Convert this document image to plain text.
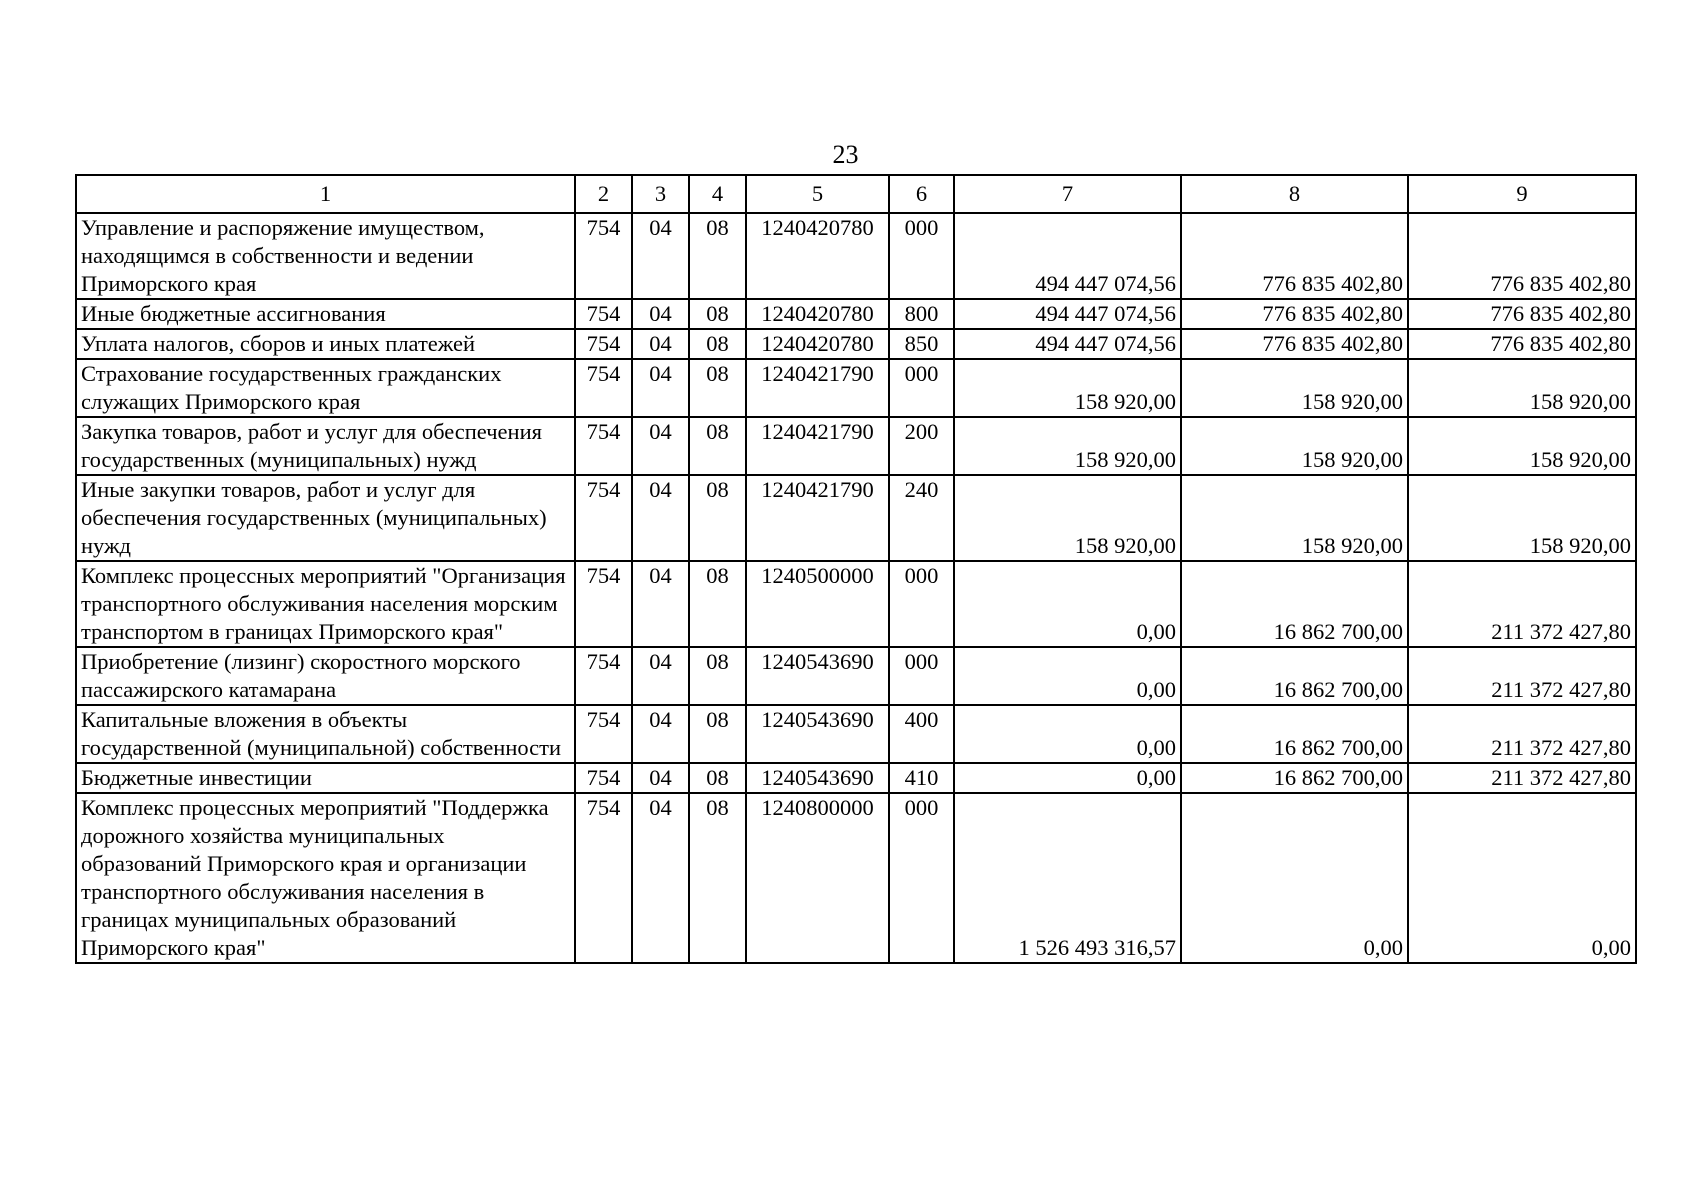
23
1	2	3	4	5	6	7	8	9
Управление и распоряжение имуществом, находящимся в собственности и ведении Приморского края	754	04	08	1240420780	000	494 447 074,56	776 835 402,80	776 835 402,80
Иные бюджетные ассигнования	754	04	08	1240420780	800	494 447 074,56	776 835 402,80	776 835 402,80
Уплата налогов, сборов и иных платежей	754	04	08	1240420780	850	494 447 074,56	776 835 402,80	776 835 402,80
Страхование государственных гражданских служащих Приморского края	754	04	08	1240421790	000	158 920,00	158 920,00	158 920,00
Закупка товаров, работ и услуг для обеспечения государственных (муниципальных) нужд	754	04	08	1240421790	200	158 920,00	158 920,00	158 920,00
Иные закупки товаров, работ и услуг для обеспечения государственных (муниципальных) нужд	754	04	08	1240421790	240	158 920,00	158 920,00	158 920,00
Комплекс процессных мероприятий "Организация транспортного обслуживания населения морским транспортом в границах Приморского края"	754	04	08	1240500000	000	0,00	16 862 700,00	211 372 427,80
Приобретение (лизинг) скоростного морского пассажирского катамарана	754	04	08	1240543690	000	0,00	16 862 700,00	211 372 427,80
Капитальные вложения в объекты государственной (муниципальной) собственности	754	04	08	1240543690	400	0,00	16 862 700,00	211 372 427,80
Бюджетные инвестиции	754	04	08	1240543690	410	0,00	16 862 700,00	211 372 427,80
Комплекс процессных мероприятий "Поддержка дорожного хозяйства муниципальных образований Приморского края и организации транспортного обслуживания населения в границах муниципальных образований Приморского края"	754	04	08	1240800000	000	1 526 493 316,57	0,00	0,00
